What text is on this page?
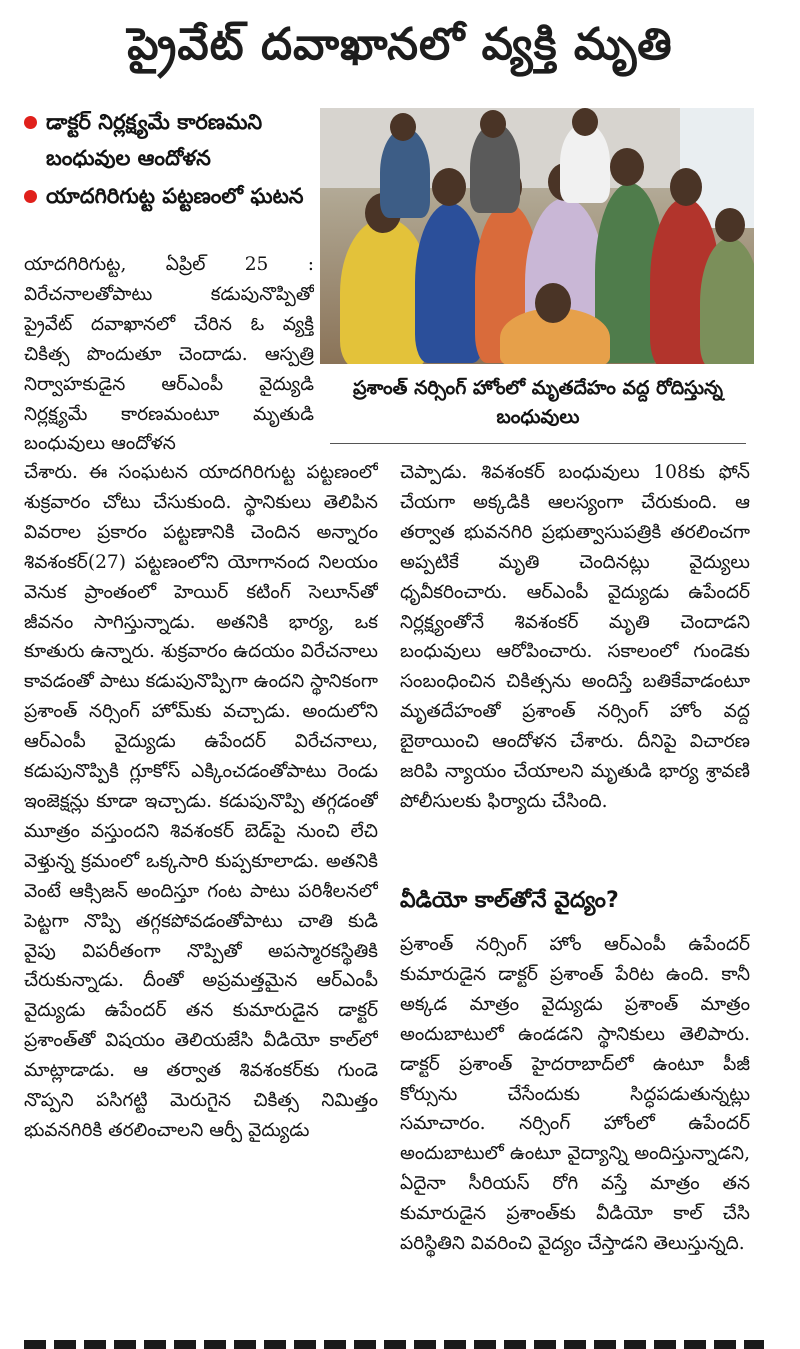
ప్రైవేట్ దవాఖానలో వ్యక్తి మృతి
డాక్టర్ నిర్లక్ష్యమే కారణమని బంధువుల ఆందోళన
యాదగిరిగుట్ట పట్టణంలో ఘటన

ప్రశాంత్ నర్సింగ్ హోంలో మృతదేహం వద్ద రోదిస్తున్న బంధువులు

యాదగిరిగుట్ట, ఏప్రిల్ 25 : విరేచనాలతోపాటు కడుపునొప్పితో ప్రైవేట్ దవాఖానలో చేరిన ఓ వ్యక్తి చికిత్స పొందుతూ చెందాడు. ఆస్పత్రి నిర్వాహకుడైన ఆర్ఎంపీ వైద్యుడి నిర్లక్ష్యమే కారణమంటూ మృతుడి బంధువులు ఆందోళన

చేశారు. ఈ సంఘటన యాదగిరిగుట్ట పట్టణంలో శుక్రవారం చోటు చేసుకుంది. స్థానికులు తెలిపిన వివరాల ప్రకారం పట్టణానికి చెందిన అన్నారం శివశంకర్(27) పట్టణంలోని యోగానంద నిలయం వెనుక ప్రాంతంలో హెయిర్ కటింగ్ సెలూన్‌తో జీవనం సాగిస్తున్నాడు. అతనికి భార్య, ఒక కూతురు ఉన్నారు. శుక్రవారం ఉదయం విరేచనాలు కావడంతో పాటు కడుపునొప్పిగా ఉందని స్థానికంగా ప్రశాంత్ నర్సింగ్ హోమ్‌కు వచ్చాడు. అందులోని ఆర్ఎంపీ వైద్యుడు ఉపేందర్ విరేచనాలు, కడుపునొప్పికి గ్లూకోస్ ఎక్కించడంతోపాటు రెండు ఇంజెక్షన్లు కూడా ఇచ్చాడు. కడుపునొప్పి తగ్గడంతో మూత్రం వస్తుందని శివశంకర్ బెడ్‌పై నుంచి లేచి వెళ్తున్న క్రమంలో ఒక్కసారి కుప్పకూలాడు. అతనికి వెంటే ఆక్సిజన్ అందిస్తూ గంట పాటు పరిశీలనలో పెట్టగా నొప్పి తగ్గకపోవడంతోపాటు చాతి కుడి వైపు విపరీతంగా నొప్పితో అపస్మారకస్థితికి చేరుకున్నాడు. దీంతో అప్రమత్తమైన ఆర్ఎంపీ వైద్యుడు ఉపేందర్ తన కుమారుడైన డాక్టర్ ప్రశాంత్‌తో విషయం తెలియజేసి వీడియో కాల్‌లో మాట్లాడాడు. ఆ తర్వాత శివశంకర్‌కు గుండె నొప్పని పసిగట్టి మెరుగైన చికిత్స నిమిత్తం భువనగిరికి తరలించాలని ఆర్పీ వైద్యుడు

చెప్పాడు. శివశంకర్ బంధువులు 108కు ఫోన్ చేయగా అక్కడికి ఆలస్యంగా చేరుకుంది. ఆ తర్వాత భువనగిరి ప్రభుత్వాసుపత్రికి తరలించగా అప్పటికే మృతి చెందినట్లు వైద్యులు ధృవీకరించారు. ఆర్ఎంపీ వైద్యుడు ఉపేందర్ నిర్లక్ష్యంతోనే శివశంకర్ మృతి చెందాడని బంధువులు ఆరోపించారు. సకాలంలో గుండెకు సంబంధించిన చికిత్సను అందిస్తే బతికేవాడంటూ మృతదేహంతో ప్రశాంత్ నర్సింగ్ హోం వద్ద బైఠాయించి ఆందోళన చేశారు. దీనిపై విచారణ జరిపి న్యాయం చేయాలని మృతుడి భార్య శ్రావణి పోలీసులకు ఫిర్యాదు చేసింది.

వీడియో కాల్‌తోనే వైద్యం?

ప్రశాంత్ నర్సింగ్ హోం ఆర్ఎంపీ ఉపేందర్ కుమారుడైన డాక్టర్ ప్రశాంత్ పేరిట ఉంది. కానీ అక్కడ మాత్రం వైద్యుడు ప్రశాంత్ మాత్రం అందుబాటులో ఉండడని స్థానికులు తెలిపారు. డాక్టర్ ప్రశాంత్ హైదరాబాద్‌లో ఉంటూ పీజీ కోర్సును చేసేందుకు సిద్ధపడుతున్నట్లు సమాచారం. నర్సింగ్ హోంలో ఉపేందర్ అందుబాటులో ఉంటూ వైద్యాన్ని అందిస్తున్నాడని, ఏదైనా సీరియస్ రోగి వస్తే మాత్రం తన కుమారుడైన ప్రశాంత్‌కు వీడియో కాల్ చేసి పరిస్థితిని వివరించి వైద్యం చేస్తాడని తెలుస్తున్నది.
